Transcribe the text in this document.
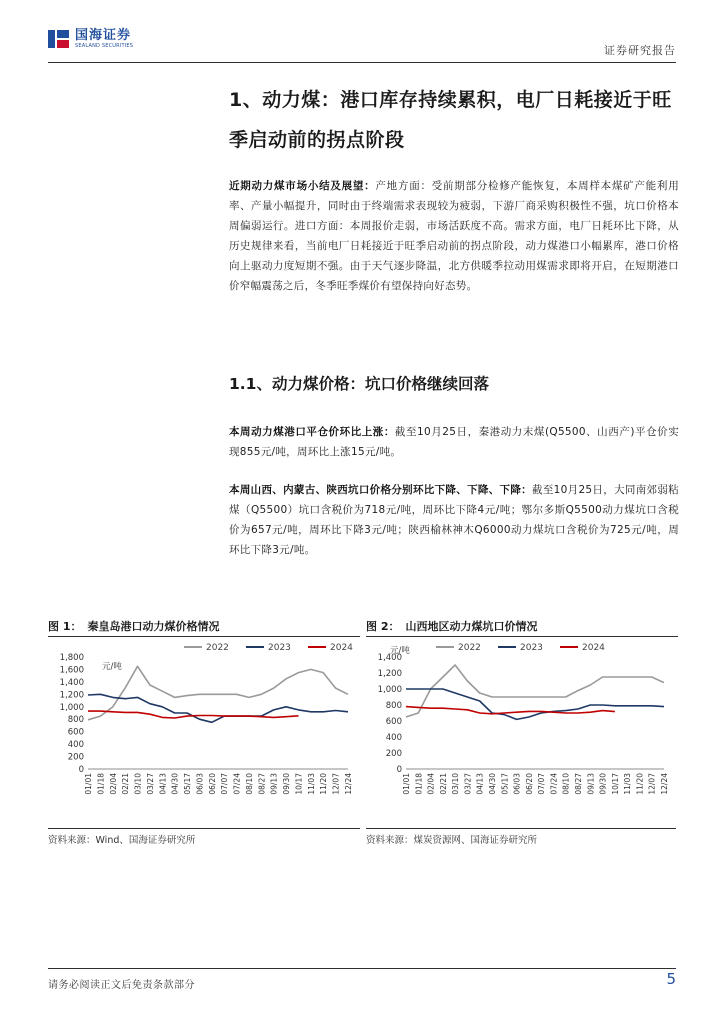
国海证券
SEALAND SECURITIES	证券研究报告
1、动力煤：港口库存持续累积，电厂日耗接近于旺季启动前的拐点阶段
近期动力煤市场小结及展望：产地方面：受前期部分检修产能恢复，本周样本煤矿产能利用率、产量小幅提升，同时由于终端需求表现较为疲弱，下游厂商采购积极性不强，坑口价格本周偏弱运行。进口方面：本周报价走弱，市场活跃度不高。需求方面，电厂日耗环比下降，从历史规律来看，当前电厂日耗接近于旺季启动前的拐点阶段，动力煤港口小幅累库，港口价格向上驱动力度短期不强。由于天气逐步降温，北方供暖季拉动用煤需求即将开启，在短期港口价窄幅震荡之后，冬季旺季煤价有望保持向好态势。
1.1、动力煤价格：坑口价格继续回落
本周动力煤港口平仓价环比上涨：截至10月25日，秦港动力末煤(Q5500、山西产)平仓价实现855元/吨，周环比上涨15元/吨。
本周山西、内蒙古、陕西坑口价格分别环比下降、下降、下降：截至10月25日，大同南郊弱粘煤（Q5500）坑口含税价为718元/吨，周环比下降4元/吨；鄂尔多斯Q5500动力煤坑口含税价为657元/吨，周环比下降3元/吨；陕西榆林神木Q6000动力煤坑口含税价为725元/吨，周环比下降3元/吨。
图 1： 秦皇岛港口动力煤价格情况
0
200
400
600
800
1,000
1,200
1,400
1,600
1,800
元/吨
2022	2023	2024
01/01 01/18 02/04 02/21 03/10 03/27 04/13 04/30 05/17 06/03 06/20 07/07 07/24 08/10 08/27 09/13 09/30 10/17 11/03 11/20 12/07 12/24
资料来源：Wind、国海证券研究所
图 2： 山西地区动力煤坑口价情况
0
200
400
600
800
1,000
1,200
1,400
元/吨	2022	2023	2024
01/01 01/18 02/04 02/21 03/10 03/27 04/13 04/30 05/17 06/03 06/20 07/07 07/24 08/10 08/27 09/13 09/30 10/17 11/03 11/20 12/07 12/24
资料来源：煤炭资源网、国海证券研究所
请务必阅读正文后免责条款部分	5
